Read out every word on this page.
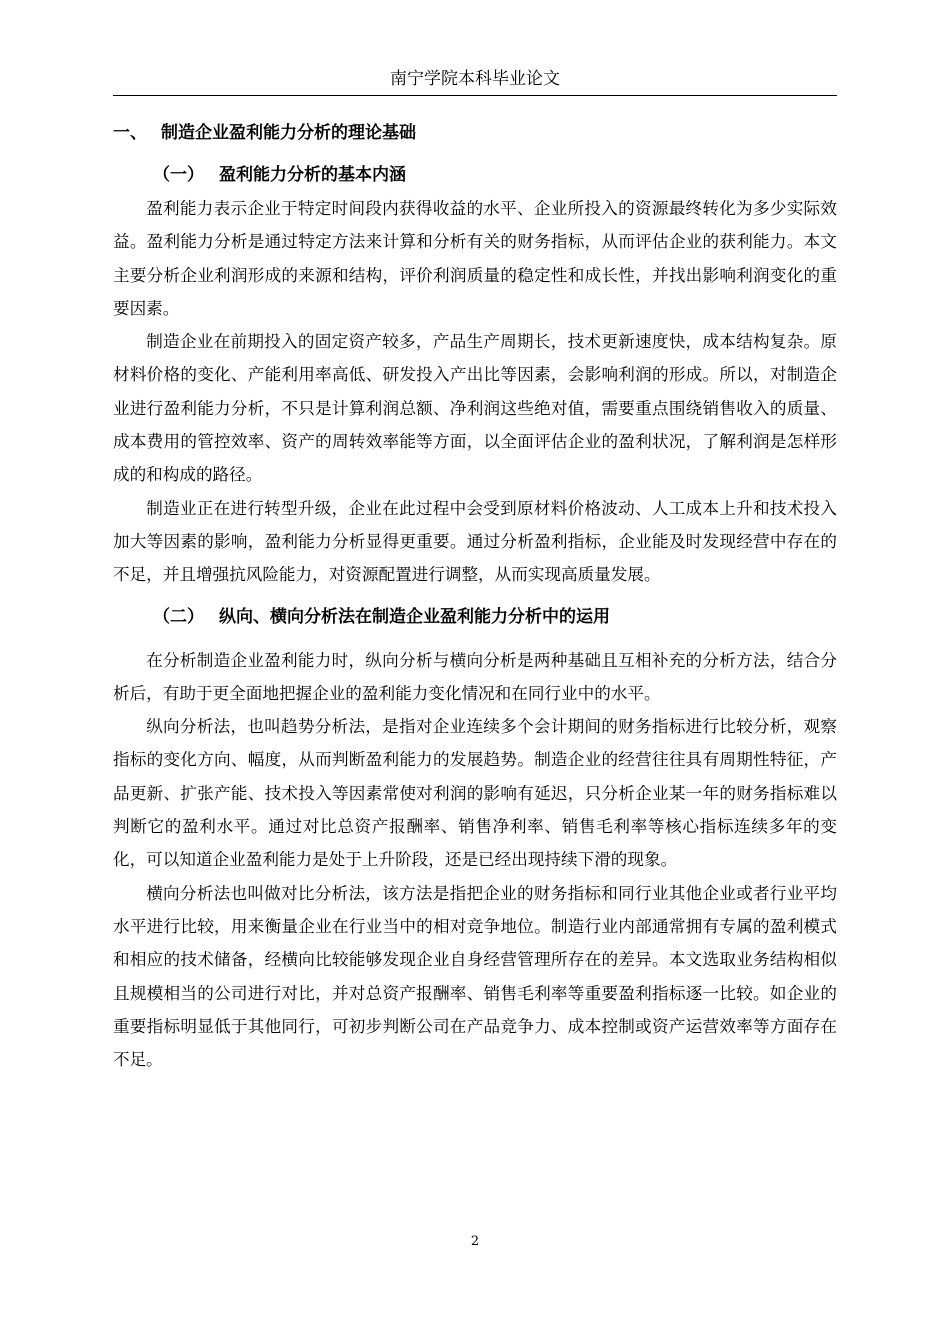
南宁学院本科毕业论文
一、 制造企业盈利能力分析的理论基础
（一） 盈利能力分析的基本内涵

盈利能力表示企业于特定时间段内获得收益的水平、企业所投入的资源最终转化为多少实际效益。盈利能力分析是通过特定方法来计算和分析有关的财务指标，从而评估企业的获利能力。本文主要分析企业利润形成的来源和结构，评价利润质量的稳定性和成长性，并找出影响利润变化的重要因素。

制造企业在前期投入的固定资产较多，产品生产周期长，技术更新速度快，成本结构复杂。原材料价格的变化、产能利用率高低、研发投入产出比等因素，会影响利润的形成。所以，对制造企业进行盈利能力分析，不只是计算利润总额、净利润这些绝对值，需要重点围绕销售收入的质量、成本费用的管控效率、资产的周转效率能等方面，以全面评估企业的盈利状况，了解利润是怎样形成的和构成的路径。

制造业正在进行转型升级，企业在此过程中会受到原材料价格波动、人工成本上升和技术投入加大等因素的影响，盈利能力分析显得更重要。通过分析盈利指标，企业能及时发现经营中存在的不足，并且增强抗风险能力，对资源配置进行调整，从而实现高质量发展。

（二） 纵向、横向分析法在制造企业盈利能力分析中的运用

在分析制造企业盈利能力时，纵向分析与横向分析是两种基础且互相补充的分析方法，结合分析后，有助于更全面地把握企业的盈利能力变化情况和在同行业中的水平。

纵向分析法，也叫趋势分析法，是指对企业连续多个会计期间的财务指标进行比较分析，观察指标的变化方向、幅度，从而判断盈利能力的发展趋势。制造企业的经营往往具有周期性特征，产品更新、扩张产能、技术投入等因素常使对利润的影响有延迟，只分析企业某一年的财务指标难以判断它的盈利水平。通过对比总资产报酬率、销售净利率、销售毛利率等核心指标连续多年的变化，可以知道企业盈利能力是处于上升阶段，还是已经出现持续下滑的现象。

横向分析法也叫做对比分析法，该方法是指把企业的财务指标和同行业其他企业或者行业平均水平进行比较，用来衡量企业在行业当中的相对竞争地位。制造行业内部通常拥有专属的盈利模式和相应的技术储备，经横向比较能够发现企业自身经营管理所存在的差异。本文选取业务结构相似且规模相当的公司进行对比，并对总资产报酬率、销售毛利率等重要盈利指标逐一比较。如企业的重要指标明显低于其他同行，可初步判断公司在产品竞争力、成本控制或资产运营效率等方面存在不足。

2
